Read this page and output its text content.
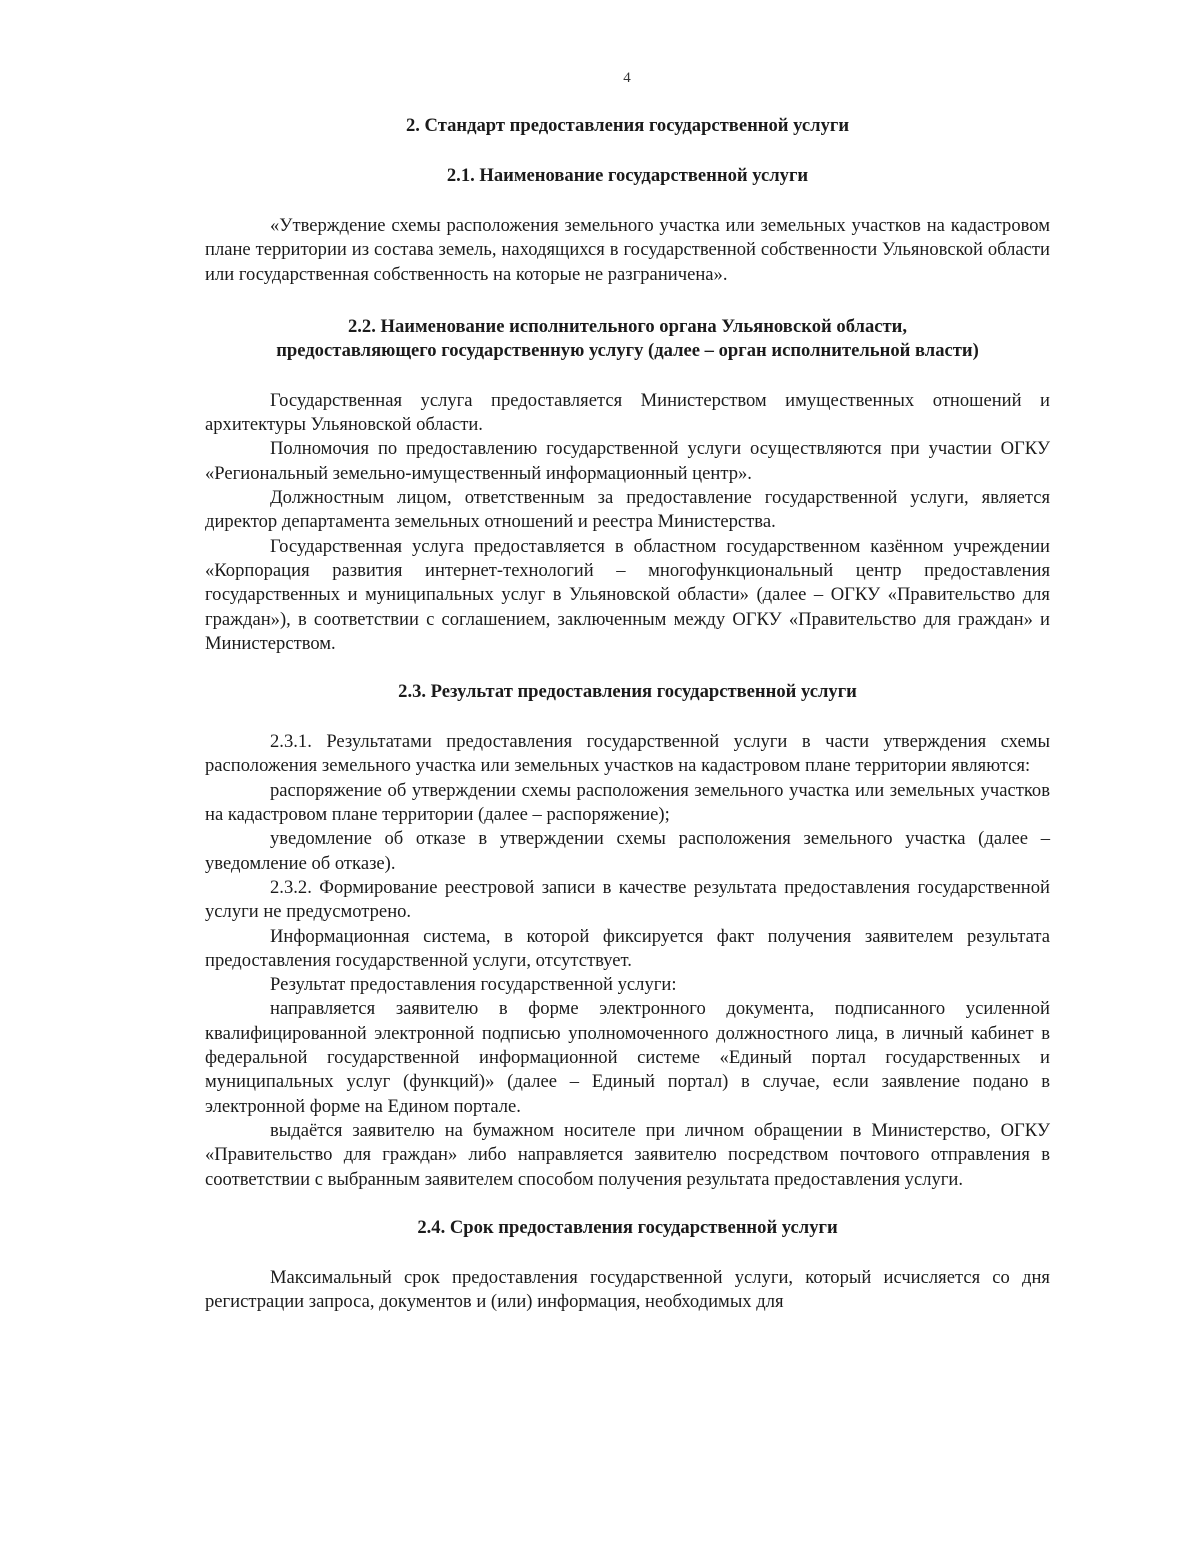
4
2. Стандарт предоставления государственной услуги
2.1. Наименование государственной услуги

«Утверждение схемы расположения земельного участка или земельных участков на кадастровом плане территории из состава земель, находящихся в государственной собственности Ульяновской области или государственная собственность на которые не разграничена».

2.2. Наименование исполнительного органа Ульяновской области,
предоставляющего государственную услугу (далее – орган исполнительной власти)

Государственная услуга предоставляется Министерством имущественных отношений и архитектуры Ульяновской области.

Полномочия по предоставлению государственной услуги осуществляются при участии ОГКУ «Региональный земельно-имущественный информационный центр».

Должностным лицом, ответственным за предоставление государственной услуги, является директор департамента земельных отношений и реестра Министерства.

Государственная услуга предоставляется в областном государственном казённом учреждении «Корпорация развития интернет-технологий – многофункциональный центр предоставления государственных и муниципальных услуг в Ульяновской области» (далее – ОГКУ «Правительство для граждан»), в соответствии с соглашением, заключенным между ОГКУ «Правительство для граждан» и Министерством.

2.3. Результат предоставления государственной услуги

2.3.1. Результатами предоставления государственной услуги в части утверждения схемы расположения земельного участка или земельных участков на кадастровом плане территории являются:

распоряжение об утверждении схемы расположения земельного участка или земельных участков на кадастровом плане территории (далее – распоряжение);

уведомление об отказе в утверждении схемы расположения земельного участка (далее – уведомление об отказе).

2.3.2. Формирование реестровой записи в качестве результата предоставления государственной услуги не предусмотрено.

Информационная система, в которой фиксируется факт получения заявителем результата предоставления государственной услуги, отсутствует.

Результат предоставления государственной услуги:

направляется заявителю в форме электронного документа, подписанного усиленной квалифицированной электронной подписью уполномоченного должностного лица, в личный кабинет в федеральной государственной информационной системе «Единый портал государственных и муниципальных услуг (функций)» (далее – Единый портал) в случае, если заявление подано в электронной форме на Едином портале.

выдаётся заявителю на бумажном носителе при личном обращении в Министерство, ОГКУ «Правительство для граждан» либо направляется заявителю посредством почтового отправления в соответствии с выбранным заявителем способом получения результата предоставления услуги.

2.4. Срок предоставления государственной услуги

Максимальный срок предоставления государственной услуги, который исчисляется со дня регистрации запроса, документов и (или) информация, необходимых для
